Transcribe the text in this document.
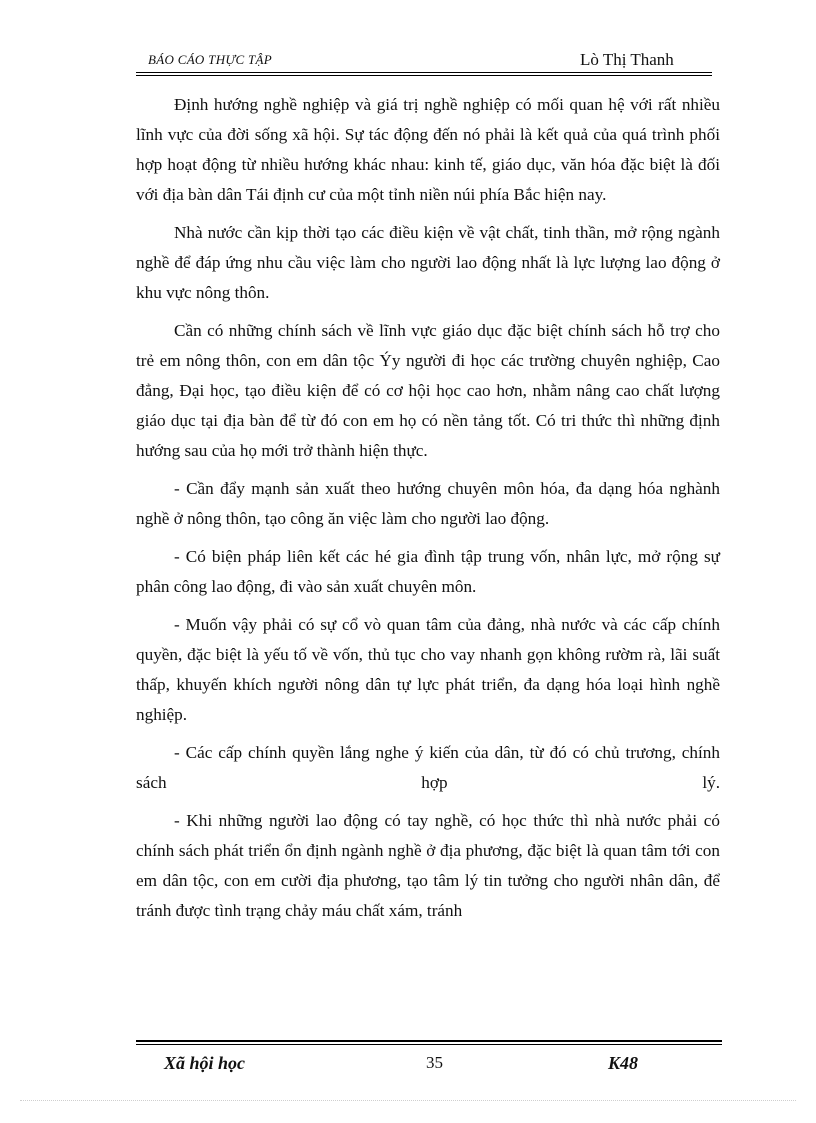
BÁO CÁO THỰC TẬP	Lò Thị Thanh

Định hướng nghề nghiệp và giá trị nghề nghiệp có mối quan hệ với rất nhiều lĩnh vực của đời sống xã hội. Sự tác động đến nó phải là kết quả của quá trình phối hợp hoạt động từ nhiều hướng khác nhau: kinh tế, giáo dục, văn hóa đặc biệt là đối với địa bàn dân Tái định cư của một tỉnh niền núi phía Bắc hiện nay.

Nhà nước cần kịp thời tạo các điều kiện về vật chất, tinh thần, mở rộng ngành nghề để đáp ứng nhu cầu việc làm cho người lao động nhất là lực lượng lao động ở khu vực nông thôn.

Cần có những chính sách về lĩnh vực giáo dục đặc biệt chính sách hỗ trợ cho trẻ em nông thôn, con em dân tộc Ýy người đi học các trường chuyên nghiệp, Cao đẳng, Đại học, tạo điều kiện để có cơ hội học cao hơn, nhằm nâng cao chất lượng giáo dục tại địa bàn để từ đó con em họ có nền tảng tốt. Có tri thức thì những định hướng sau của họ mới trở thành hiện thực.

- Cần đẩy mạnh sản xuất theo hướng chuyên môn hóa, đa dạng hóa nghành nghề ở nông thôn, tạo công ăn việc làm cho người lao động.

- Có biện pháp liên kết các hé gia đình tập trung vốn, nhân lực, mở rộng sự phân công lao động, đi vào sản xuất chuyên môn.

- Muốn vậy phải có sự cổ vò quan tâm của đảng, nhà nước và các cấp chính quyền, đặc biệt là yếu tố về vốn, thủ tục cho vay nhanh gọn không rườm rà, lãi suất thấp, khuyến khích người nông dân tự lực phát triển, đa dạng hóa loại hình nghề nghiệp.

- Các cấp chính quyền lắng nghe ý kiến của dân, từ đó có chủ trương, chính sách hợp lý.

- Khi những người lao động có tay nghề, có học thức thì nhà nước phải có chính sách phát triển ổn định ngành nghề ở địa phương, đặc biệt là quan tâm tới con em dân tộc, con em cười địa phương, tạo tâm lý tin tưởng cho người nhân dân, để tránh được tình trạng chảy máu chất xám, tránh

Xã hội học	35	K48
